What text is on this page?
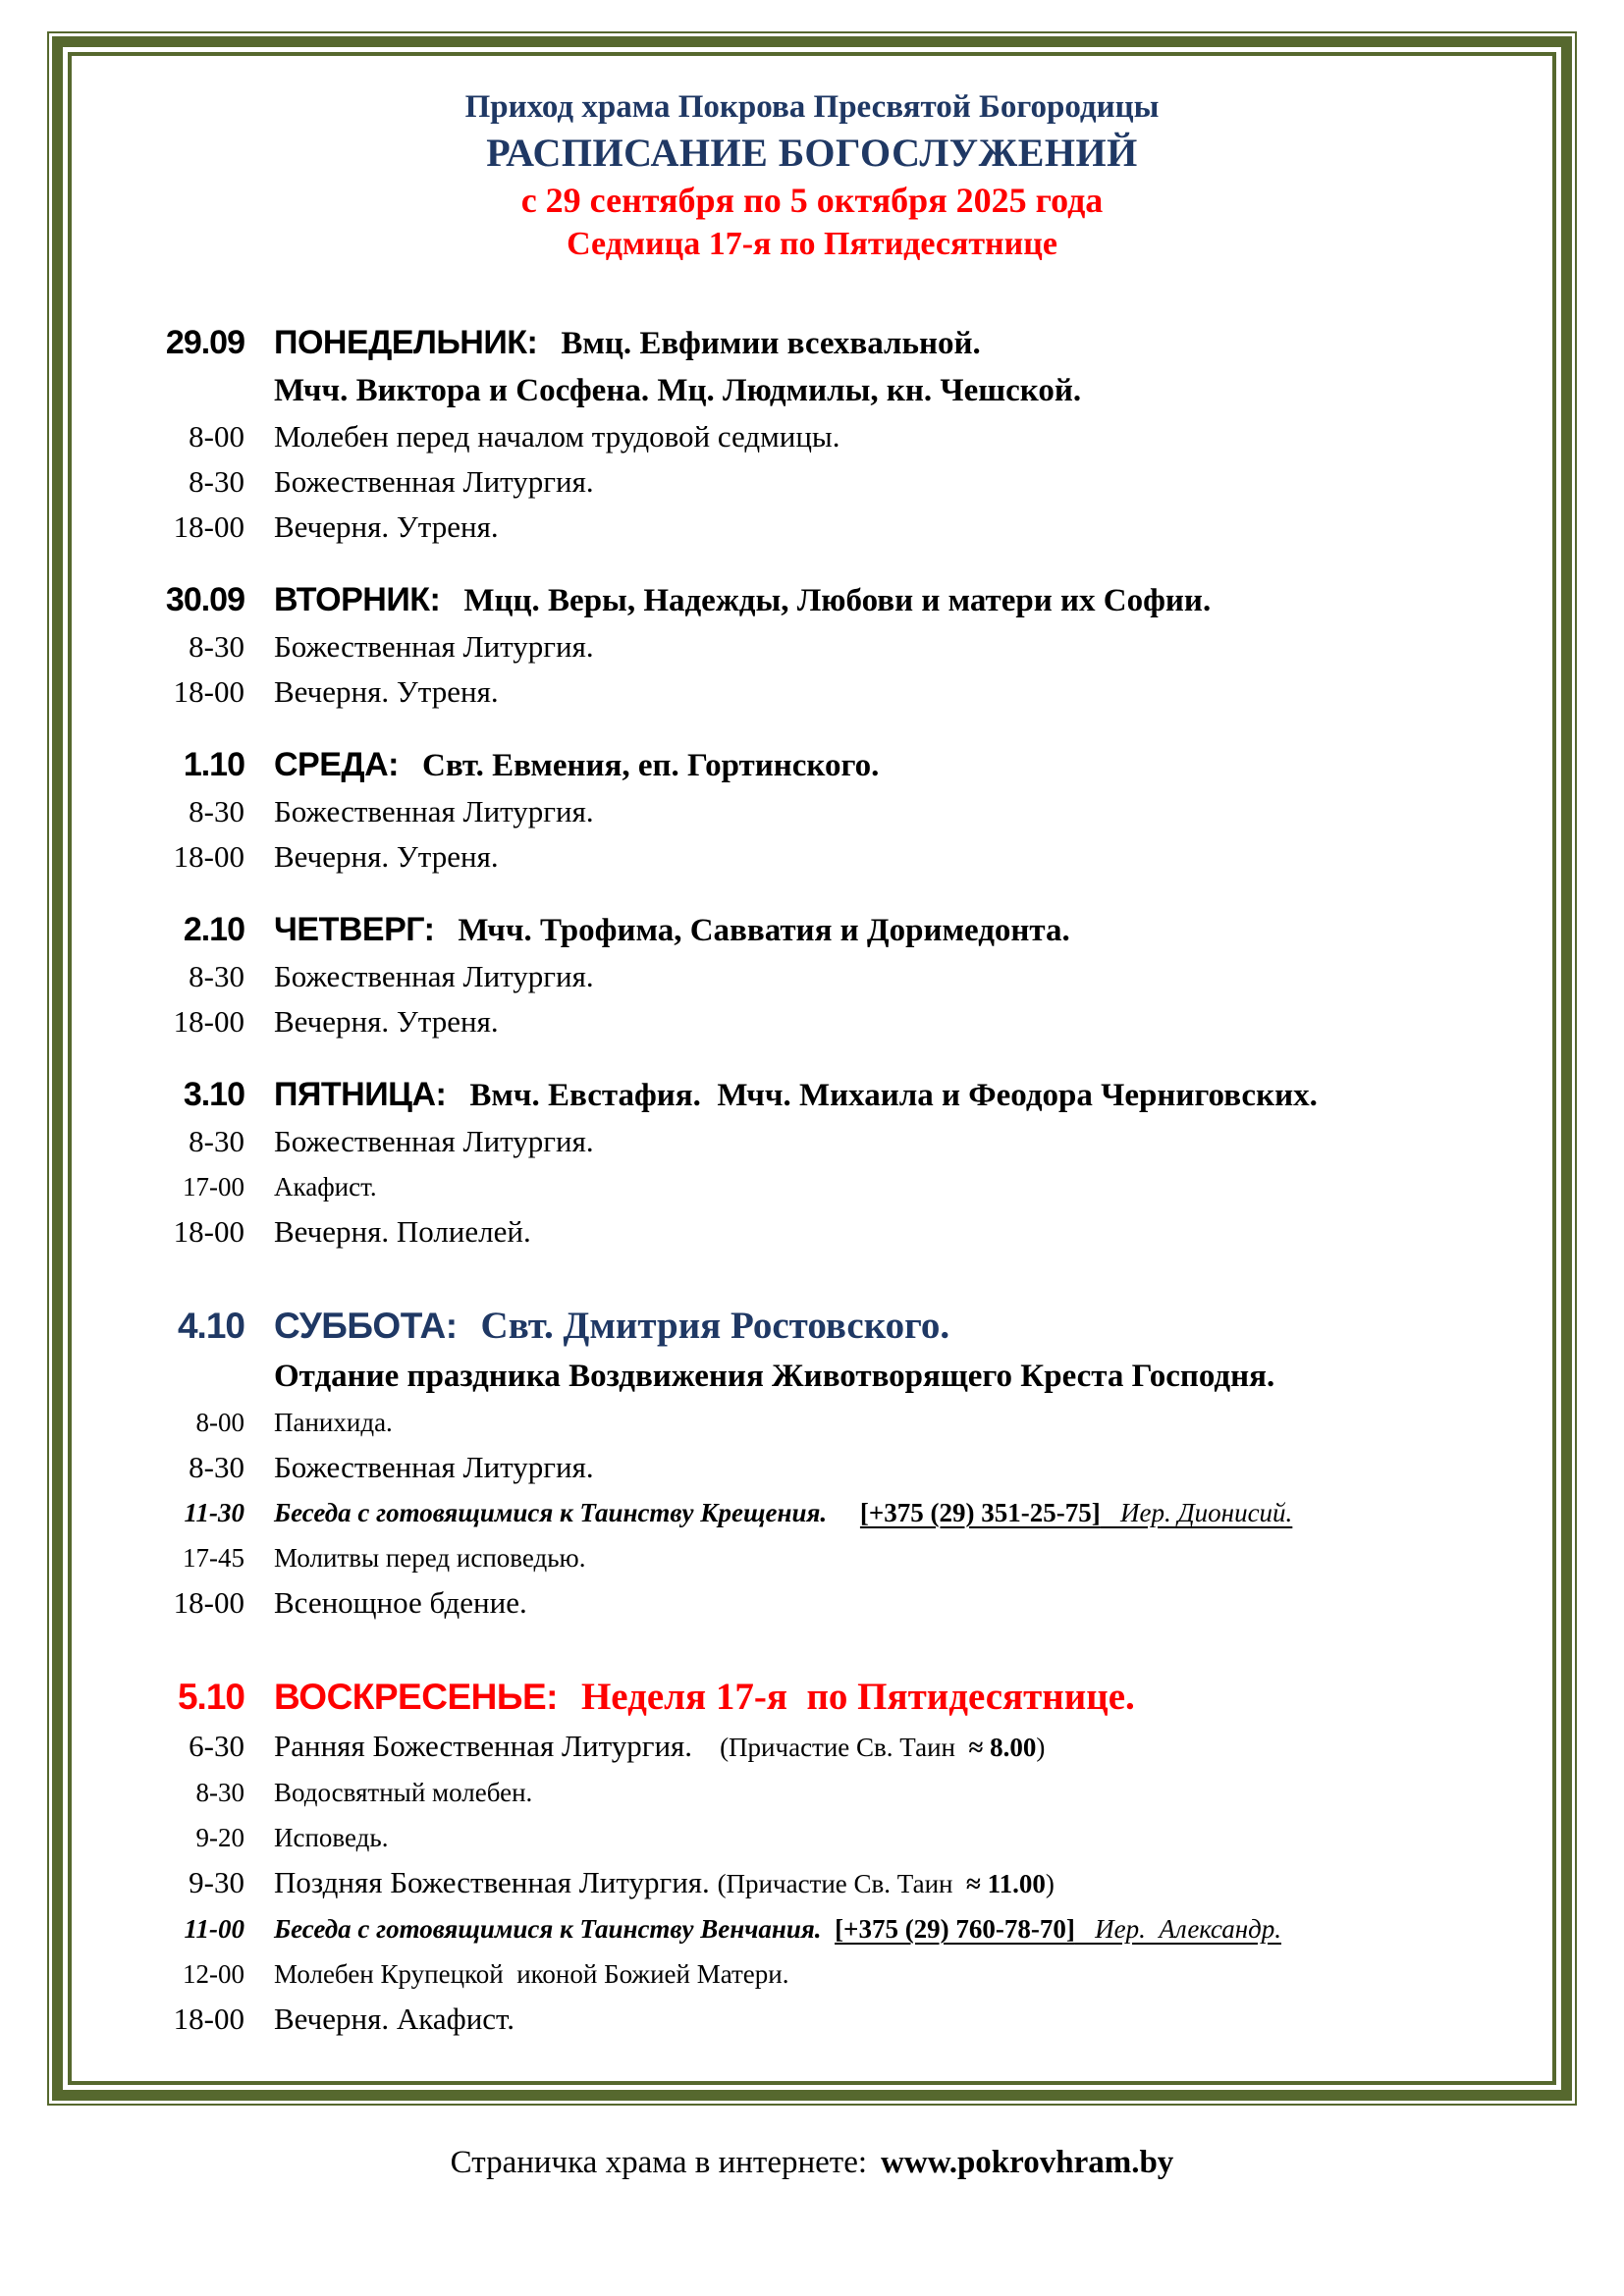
Приход храма Покрова Пресвятой Богородицы
РАСПИСАНИЕ БОГОСЛУЖЕНИЙ
с 29 сентября по 5 октября 2025 года
Седмица 17-я по Пятидесятнице
29.09 ПОНЕДЕЛЬНИК: Вмц. Евфимии всехвальной.
Мчч. Виктора и Сосфена. Мц. Людмилы, кн. Чешской.
8-00 Молебен перед началом трудовой седмицы.
8-30 Божественная Литургия.
18-00 Вечерня. Утреня.
30.09 ВТОРНИК: Мцц. Веры, Надежды, Любови и матери их Софии.
8-30 Божественная Литургия.
18-00 Вечерня. Утреня.
1.10 СРЕДА: Свт. Евмения, еп. Гортинского.
8-30 Божественная Литургия.
18-00 Вечерня. Утреня.
2.10 ЧЕТВЕРГ: Мчч. Трофима, Савватия и Доримедонта.
8-30 Божественная Литургия.
18-00 Вечерня. Утреня.
3.10 ПЯТНИЦА: Вмч. Евстафия.  Мчч. Михаила и Феодора Черниговских.
8-30 Божественная Литургия.
17-00 Акафист.
18-00 Вечерня. Полиелей.
4.10 СУББОТА: Свт. Дмитрия Ростовского.
Отдание праздника Воздвижения Животворящего Креста Господня.
8-00 Панихида.
8-30 Божественная Литургия.
11-30 Беседа с готовящимися к Таинству Крещения.     [+375 (29) 351-25-75]   Иер. Дионисий.
17-45 Молитвы перед исповедью.
18-00 Всенощное бдение.
5.10 ВОСКРЕСЕНЬЕ: Неделя 17-я  по Пятидесятнице.
6-30 Ранняя Божественная Литургия.    (Причастие Св. Таин  ≈ 8.00)
8-30 Водосвятный молебен.
9-20 Исповедь.
9-30 Поздняя Божественная Литургия. (Причастие Св. Таин  ≈ 11.00)
11-00 Беседа с готовящимися к Таинству Венчания.  [+375 (29) 760-78-70]   Иер.  Александр.
12-00 Молебен Крупецкой  иконой Божией Матери.
18-00 Вечерня. Акафист.
Страничка храма в интернете: www.pokrovhram.by
